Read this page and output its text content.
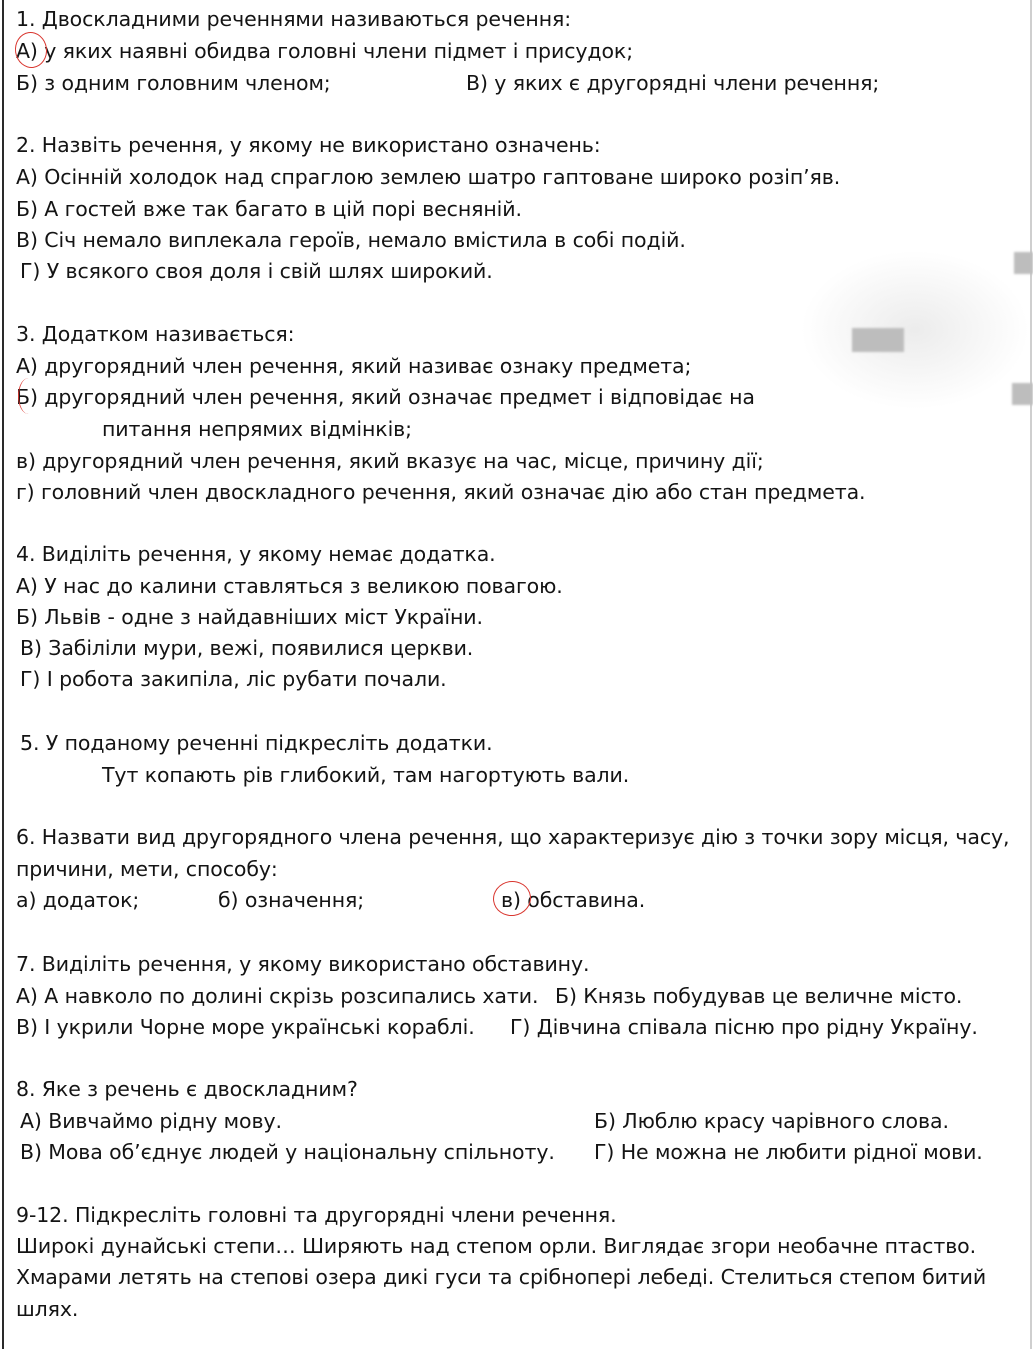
1. Двоскладними реченнями називаються речення:
А) у яких наявні обидва головні члени підмет і присудок;
Б) з одним головним членом;	В) у яких є другорядні члени речення;
2. Назвіть речення, у якому не використано означень:
А) Осінній холодок над спраглою землею шатро гаптоване широко розіп’яв.
Б) А гостей вже так багато в цій порі весняній.
В) Січ немало виплекала героїв, немало вмістила в собі подій.
Г) У всякого своя доля і свій шлях широкий.
3. Додатком називається:
А) другорядний член речення, який називає ознаку предмета;
Б) другорядний член речення, який означає предмет і відповідає на
питання непрямих відмінків;
в) другорядний член речення, який вказує на час, місце, причину дії;
г) головний член двоскладного речення, який означає дію або стан предмета.
4. Виділіть речення, у якому немає додатка.
А) У нас до калини ставляться з великою повагою.
Б) Львів - одне з найдавніших міст України.
В) Забіліли мури, вежі, появилися церкви.
Г) І робота закипіла, ліс рубати почали.
5. У поданому реченні підкресліть додатки.
Тут копають рів глибокий, там нагортують вали.
6. Назвати вид другорядного члена речення, що характеризує дію з точки зору місця, часу,
причини, мети, способу:
а) додаток;	б) означення;	в) обставина.
7. Виділіть речення, у якому використано обставину.
А) А навколо по долині скрізь розсипались хати. Б) Князь побудував це величне місто.
В) І укрили Чорне море українські кораблі. Г) Дівчина співала пісню про рідну Україну.
8. Яке з речень є двоскладним?
А) Вивчаймо рідну мову.	Б) Люблю красу чарівного слова.
В) Мова об’єднує людей у національну спільноту. Г) Не можна не любити рідної мови.
9-12. Підкресліть головні та другорядні члени речення.
Широкі дунайські степи… Ширяють над степом орли. Виглядає згори необачне птаство.
Хмарами летять на степові озера дикі гуси та срібнопері лебеді. Стелиться степом битий
шлях.
